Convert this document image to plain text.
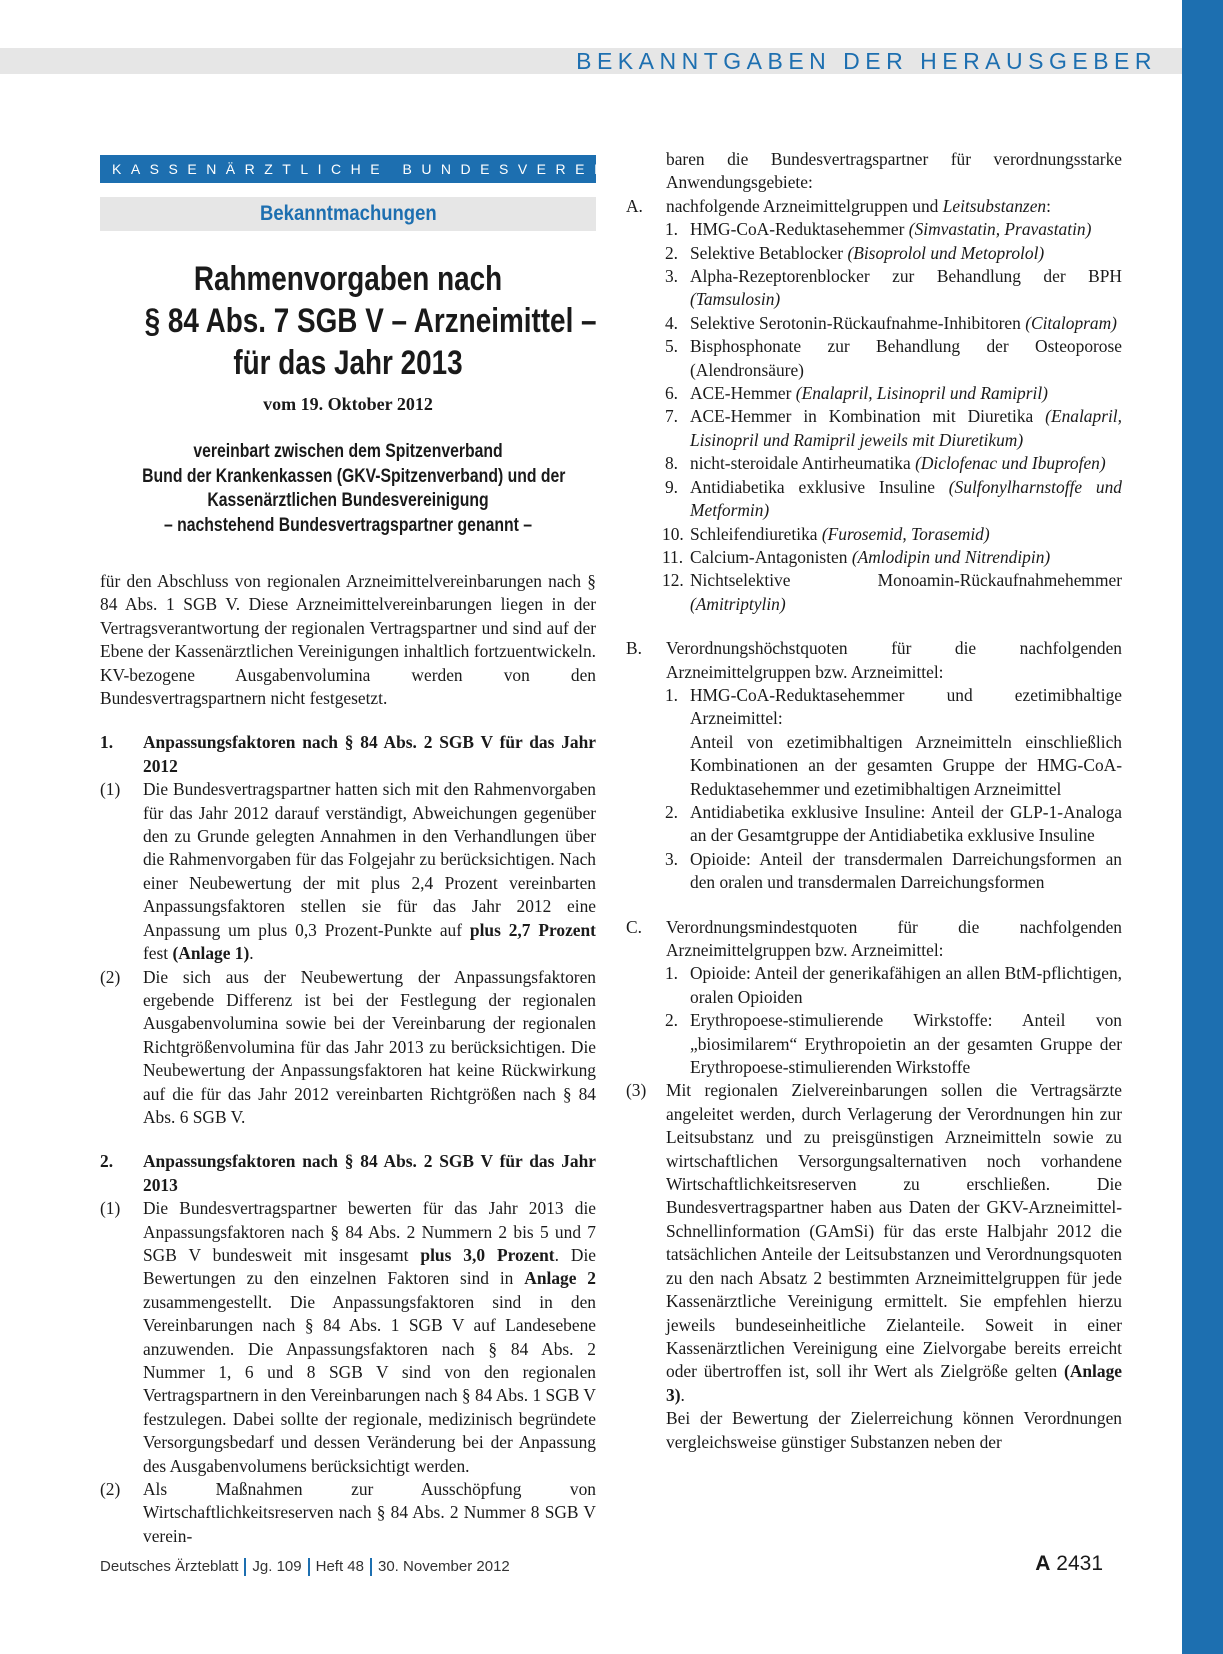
BEKANNTGABEN DER HERAUSGEBER
KASSENÄRZTLICHE BUNDESVEREINIGUNG
Bekanntmachungen
Rahmenvorgaben nach
§ 84 Abs. 7 SGB V – Arzneimittel –
für das Jahr 2013
vom 19. Oktober 2012
vereinbart zwischen dem Spitzenverband
Bund der Krankenkassen (GKV-Spitzenverband) und der
Kassenärztlichen Bundesvereinigung
– nachstehend Bundesvertragspartner genannt –

für den Abschluss von regionalen Arzneimittelvereinbarungen nach § 84 Abs. 1 SGB V. Diese Arzneimittelvereinbarungen liegen in der Vertragsverantwortung der regionalen Vertragspartner und sind auf der Ebene der Kassenärztlichen Vereinigungen inhaltlich fortzuentwickeln. KV-bezogene Ausgabenvolumina werden von den Bundesvertragspartnern nicht festgesetzt.

1. Anpassungsfaktoren nach § 84 Abs. 2 SGB V für das Jahr 2012
(1) Die Bundesvertragspartner hatten sich mit den Rahmenvorgaben für das Jahr 2012 darauf verständigt, Abweichungen gegenüber den zu Grunde gelegten Annahmen in den Verhandlungen über die Rahmenvorgaben für das Folgejahr zu berücksichtigen. Nach einer Neubewertung der mit plus 2,4 Prozent vereinbarten Anpassungsfaktoren stellen sie für das Jahr 2012 eine Anpassung um plus 0,3 Prozent-Punkte auf plus 2,7 Prozent fest (Anlage 1).
(2) Die sich aus der Neubewertung der Anpassungsfaktoren ergebende Differenz ist bei der Festlegung der regionalen Ausgabenvolumina sowie bei der Vereinbarung der regionalen Richtgrößenvolumina für das Jahr 2013 zu berücksichtigen. Die Neubewertung der Anpassungsfaktoren hat keine Rückwirkung auf die für das Jahr 2012 vereinbarten Richtgrößen nach § 84 Abs. 6 SGB V.
2. Anpassungsfaktoren nach § 84 Abs. 2 SGB V für das Jahr 2013
(1) Die Bundesvertragspartner bewerten für das Jahr 2013 die Anpassungsfaktoren nach § 84 Abs. 2 Nummern 2 bis 5 und 7 SGB V bundesweit mit insgesamt plus 3,0 Prozent. Die Bewertungen zu den einzelnen Faktoren sind in Anlage 2 zusammengestellt. Die Anpassungsfaktoren sind in den Vereinbarungen nach § 84 Abs. 1 SGB V auf Landesebene anzuwenden. Die Anpassungsfaktoren nach § 84 Abs. 2 Nummer 1, 6 und 8 SGB V sind von den regionalen Vertragspartnern in den Vereinbarungen nach § 84 Abs. 1 SGB V festzulegen. Dabei sollte der regionale, medizinisch begründete Versorgungsbedarf und dessen Veränderung bei der Anpassung des Ausgabenvolumens berücksichtigt werden.
(2) Als Maßnahmen zur Ausschöpfung von Wirtschaftlichkeitsreserven nach § 84 Abs. 2 Nummer 8 SGB V verein-
baren die Bundesvertragspartner für verordnungsstarke Anwendungsgebiete:
A. nachfolgende Arzneimittelgruppen und Leitsubstanzen:
1. HMG-CoA-Reduktasehemmer (Simvastatin, Pravastatin)
2. Selektive Betablocker (Bisoprolol und Metoprolol)
3. Alpha-Rezeptorenblocker zur Behandlung der BPH (Tamsulosin)
4. Selektive Serotonin-Rückaufnahme-Inhibitoren (Citalopram)
5. Bisphosphonate zur Behandlung der Osteoporose (Alendronsäure)
6. ACE-Hemmer (Enalapril, Lisinopril und Ramipril)
7. ACE-Hemmer in Kombination mit Diuretika (Enalapril, Lisinopril und Ramipril jeweils mit Diuretikum)
8. nicht-steroidale Antirheumatika (Diclofenac und Ibuprofen)
9. Antidiabetika exklusive Insuline (Sulfonylharnstoffe und Metformin)
10. Schleifendiuretika (Furosemid, Torasemid)
11. Calcium-Antagonisten (Amlodipin und Nitrendipin)
12. Nichtselektive Monoamin-Rückaufnahmehemmer (Amitriptylin)
B. Verordnungshöchstquoten für die nachfolgenden Arzneimittelgruppen bzw. Arzneimittel:
1. HMG-CoA-Reduktasehemmer und ezetimibhaltige Arzneimittel:
Anteil von ezetimibhaltigen Arzneimitteln einschließlich Kombinationen an der gesamten Gruppe der HMG-CoA-Reduktasehemmer und ezetimibhaltigen Arzneimittel
2. Antidiabetika exklusive Insuline: Anteil der GLP-1-Analoga an der Gesamtgruppe der Antidiabetika exklusive Insuline
3. Opioide: Anteil der transdermalen Darreichungsformen an den oralen und transdermalen Darreichungsformen
C. Verordnungsmindestquoten für die nachfolgenden Arzneimittelgruppen bzw. Arzneimittel:
1. Opioide: Anteil der generikafähigen an allen BtM-pflichtigen, oralen Opioiden
2. Erythropoese-stimulierende Wirkstoffe: Anteil von „biosimilarem“ Erythropoietin an der gesamten Gruppe der Erythropoese-stimulierenden Wirkstoffe
(3) Mit regionalen Zielvereinbarungen sollen die Vertragsärzte angeleitet werden, durch Verlagerung der Verordnungen hin zur Leitsubstanz und zu preisgünstigen Arzneimitteln sowie zu wirtschaftlichen Versorgungsalternativen noch vorhandene Wirtschaftlichkeitsreserven zu erschließen. Die Bundesvertragspartner haben aus Daten der GKV-Arzneimittel-Schnellinformation (GAmSi) für das erste Halbjahr 2012 die tatsächlichen Anteile der Leitsubstanzen und Verordnungsquoten zu den nach Absatz 2 bestimmten Arzneimittelgruppen für jede Kassenärztliche Vereinigung ermittelt. Sie empfehlen hierzu jeweils bundeseinheitliche Zielanteile. Soweit in einer Kassenärztlichen Vereinigung eine Zielvorgabe bereits erreicht oder übertroffen ist, soll ihr Wert als Zielgröße gelten (Anlage 3).
Bei der Bewertung der Zielerreichung können Verordnungen vergleichsweise günstiger Substanzen neben der
Deutsches Ärzteblatt Jg. 109 Heft 48 30. November 2012	A 2431
